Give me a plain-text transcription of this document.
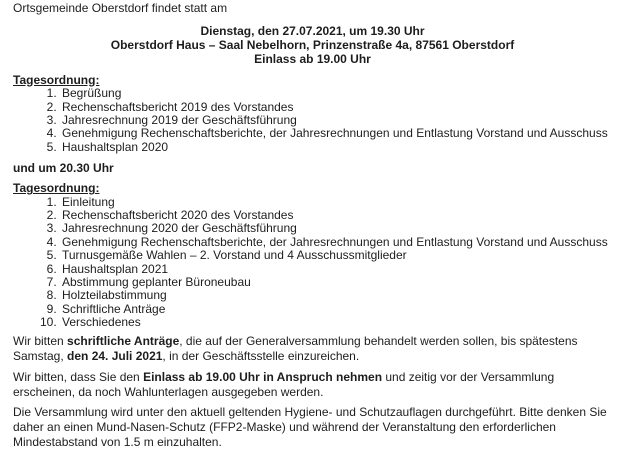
Ortsgemeinde Oberstdorf findet statt am

Dienstag, den 27.07.2021, um 19.30 Uhr
Oberstdorf Haus – Saal Nebelhorn, Prinzenstraße 4a, 87561 Oberstdorf
Einlass ab 19.00 Uhr
Tagesordnung:
1. Begrüßung
2. Rechenschaftsbericht 2019 des Vorstandes
3. Jahresrechnung 2019 der Geschäftsführung
4. Genehmigung Rechenschaftsberichte, der Jahresrechnungen und Entlastung Vorstand und Ausschuss
5. Haushaltsplan 2020

und um 20.30 Uhr

Tagesordnung:
1. Einleitung
2. Rechenschaftsbericht 2020 des Vorstandes
3. Jahresrechnung 2020 der Geschäftsführung
4. Genehmigung Rechenschaftsberichte, der Jahresrechnungen und Entlastung Vorstand und Ausschuss
5. Turnusgemäße Wahlen – 2. Vorstand und 4 Ausschussmitglieder
6. Haushaltsplan 2021
7. Abstimmung geplanter Büroneubau
8. Holzteilabstimmung
9. Schriftliche Anträge
10. Verschiedenes

Wir bitten schriftliche Anträge, die auf der Generalversammlung behandelt werden sollen, bis spätestens Samstag, den 24. Juli 2021, in der Geschäftsstelle einzureichen.

Wir bitten, dass Sie den Einlass ab 19.00 Uhr in Anspruch nehmen und zeitig vor der Versammlung erscheinen, da noch Wahlunterlagen ausgegeben werden.

Die Versammlung wird unter den aktuell geltenden Hygiene- und Schutzauflagen durchgeführt. Bitte denken Sie daher an einen Mund-Nasen-Schutz (FFP2-Maske) und während der Veranstaltung den erforderlichen Mindestabstand von 1.5 m einzuhalten.
